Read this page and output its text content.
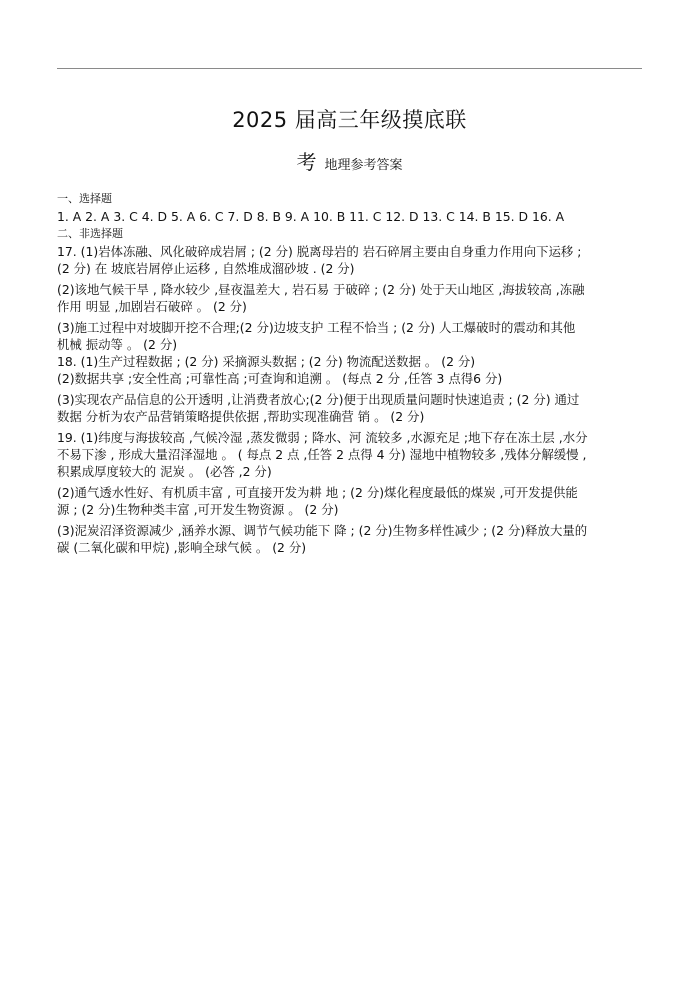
2025 届高三年级摸底联
考地理参考答案
一、选择题
1. A 2. A 3. C 4. D 5. A 6. C 7. D 8. B 9. A 10. B 11. C 12. D 13. C 14. B 15. D 16. A
二、非选择题
17. (1)岩体冻融、风化破碎成岩屑 ; (2 分) 脱离母岩的 岩石碎屑主要由自身重力作用向下运移 ;
(2 分) 在 坡底岩屑停止运移 , 自然堆成溜砂坡 . (2 分)
(2)该地气候干旱 , 降水较少 ,昼夜温差大 , 岩石易 于破碎 ; (2 分) 处于天山地区 ,海拔较高 ,冻融
作用 明显 ,加剧岩石破碎 。 (2 分)
(3)施工过程中对坡脚开挖不合理;(2 分)边坡支护 工程不恰当 ; (2 分) 人工爆破时的震动和其他
机械 振动等 。 (2 分)
18. (1)生产过程数据 ; (2 分) 采摘源头数据 ; (2 分) 物流配送数据 。 (2 分)
(2)数据共享 ;安全性高 ;可靠性高 ;可查询和追溯 。 (每点 2 分 ,任答 3 点得6 分)
(3)实现农产品信息的公开透明 ,让消费者放心;(2 分)便于出现质量问题时快速追责 ; (2 分) 通过
数据 分析为农产品营销策略提供依据 ,帮助实现准确营 销 。 (2 分)
19. (1)纬度与海拔较高 ,气候冷湿 ,蒸发微弱 ; 降水、河 流较多 ,水源充足 ;地下存在冻土层 ,水分
不易下渗 , 形成大量沼泽湿地 。 ( 每点 2 点 ,任答 2 点得 4 分) 湿地中植物较多 ,残体分解缓慢 ,
积累成厚度较大的 泥炭 。 (必答 ,2 分)
(2)通气透水性好、有机质丰富 , 可直接开发为耕 地 ; (2 分)煤化程度最低的煤炭 ,可开发提供能
源 ; (2 分)生物种类丰富 ,可开发生物资源 。 (2 分)
(3)泥炭沼泽资源减少 ,涵养水源、调节气候功能下 降 ; (2 分)生物多样性减少 ; (2 分)释放大量的
碳 (二氧化碳和甲烷) ,影响全球气候 。 (2 分)
